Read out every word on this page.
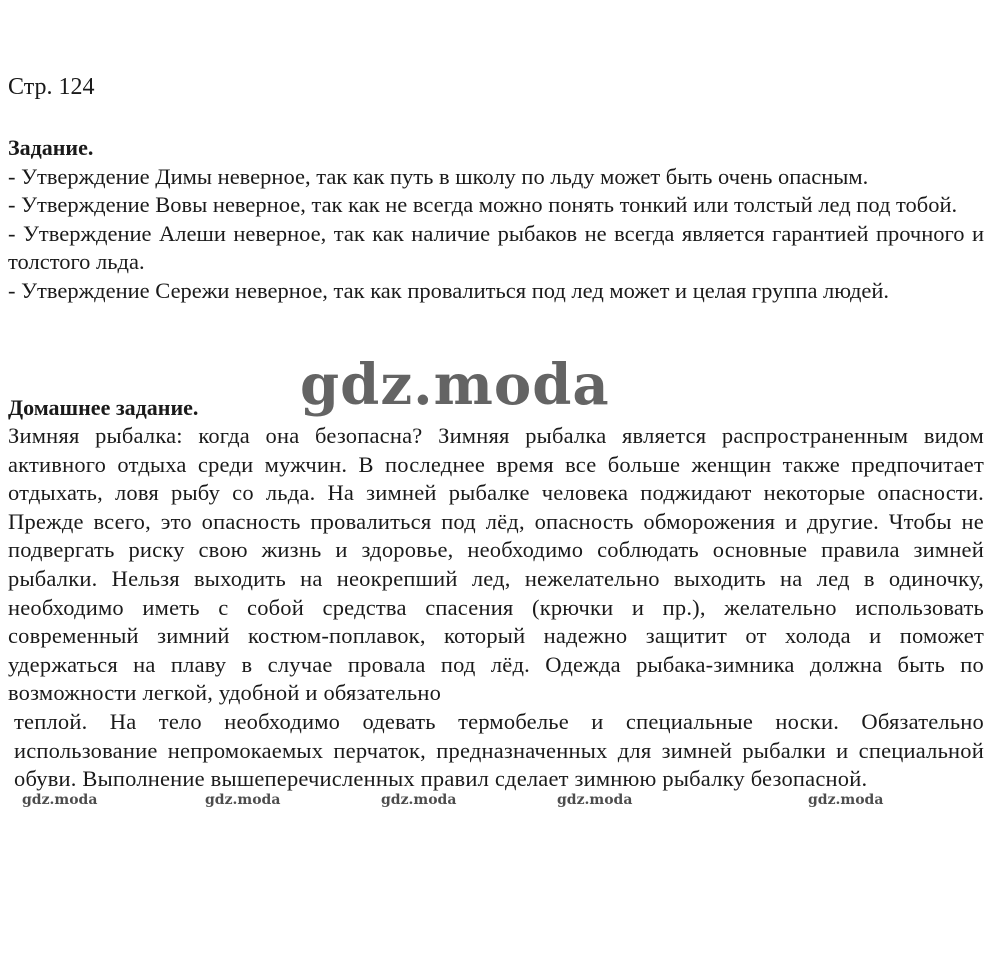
Стр. 124
Задание.

- Утверждение Димы неверное, так как путь в школу по льду может быть очень опасным.

- Утверждение Вовы неверное, так как не всегда можно понять тонкий или толстый лед под тобой.

- Утверждение Алеши неверное, так как наличие рыбаков не всегда является гарантией прочного и толстого льда.

- Утверждение Сережи неверное, так как провалиться под лед может и целая группа людей.

Домашнее задание.

Зимняя рыбалка: когда она безопасна? Зимняя рыбалка является распространенным видом активного отдыха среди мужчин. В последнее время все больше женщин также предпочитает отдыхать, ловя рыбу со льда. На зимней рыбалке человека поджидают некоторые опасности. Прежде всего, это опасность провалиться под лёд, опасность обморожения и другие. Чтобы не подвергать риску свою жизнь и здоровье, необходимо соблюдать основные правила зимней рыбалки. Нельзя выходить на неокрепший лед, нежелательно выходить на лед в одиночку, необходимо иметь с собой средства спасения (крючки и пр.), желательно использовать современный зимний костюм-поплавок, который надежно защитит от холода и поможет удержаться на плаву в случае провала под лёд. Одежда рыбака-зимника должна быть по возможности легкой, удобной и обязательно

теплой. На тело необходимо одевать термобелье и специальные носки. Обязательно использование непромокаемых перчаток, предназначенных для зимней рыбалки и специальной обуви. Выполнение вышеперечисленных правил сделает зимнюю рыбалку безопасной.

gdz.moda
gdz.moda	gdz.moda	gdz.moda	gdz.moda	gdz.moda
